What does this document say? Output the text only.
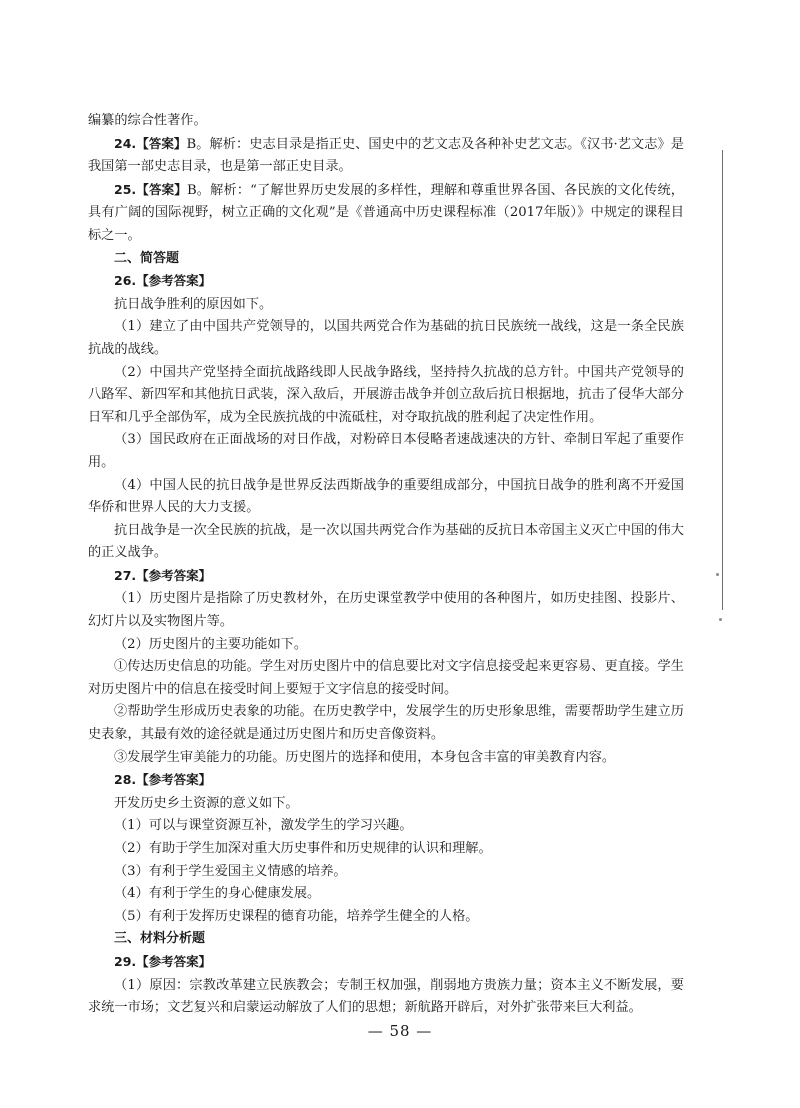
编纂的综合性著作。

24.【答案】B。解析：史志目录是指正史、国史中的艺文志及各种补史艺文志。《汉书·艺文志》是我国第一部史志目录，也是第一部正史目录。

25.【答案】B。解析：“了解世界历史发展的多样性，理解和尊重世界各国、各民族的文化传统，具有广阔的国际视野，树立正确的文化观”是《普通高中历史课程标准（2017年版）》中规定的课程目标之一。

二、简答题

26.【参考答案】

抗日战争胜利的原因如下。

（1）建立了由中国共产党领导的，以国共两党合作为基础的抗日民族统一战线，这是一条全民族抗战的战线。

（2）中国共产党坚持全面抗战路线即人民战争路线，坚持持久抗战的总方针。中国共产党领导的八路军、新四军和其他抗日武装，深入敌后，开展游击战争并创立敌后抗日根据地，抗击了侵华大部分日军和几乎全部伪军，成为全民族抗战的中流砥柱，对夺取抗战的胜利起了决定性作用。

（3）国民政府在正面战场的对日作战，对粉碎日本侵略者速战速决的方针、牵制日军起了重要作用。

（4）中国人民的抗日战争是世界反法西斯战争的重要组成部分，中国抗日战争的胜利离不开爱国华侨和世界人民的大力支援。

抗日战争是一次全民族的抗战，是一次以国共两党合作为基础的反抗日本帝国主义灭亡中国的伟大的正义战争。

27.【参考答案】

（1）历史图片是指除了历史教材外，在历史课堂教学中使用的各种图片，如历史挂图、投影片、幻灯片以及实物图片等。

（2）历史图片的主要功能如下。

①传达历史信息的功能。学生对历史图片中的信息要比对文字信息接受起来更容易、更直接。学生对历史图片中的信息在接受时间上要短于文字信息的接受时间。

②帮助学生形成历史表象的功能。在历史教学中，发展学生的历史形象思维，需要帮助学生建立历史表象，其最有效的途径就是通过历史图片和历史音像资料。

③发展学生审美能力的功能。历史图片的选择和使用，本身包含丰富的审美教育内容。

28.【参考答案】

开发历史乡土资源的意义如下。

（1）可以与课堂资源互补，激发学生的学习兴趣。

（2）有助于学生加深对重大历史事件和历史规律的认识和理解。

（3）有利于学生爱国主义情感的培养。

（4）有利于学生的身心健康发展。

（5）有利于发挥历史课程的德育功能，培养学生健全的人格。

三、材料分析题

29.【参考答案】

（1）原因：宗教改革建立民族教会；专制王权加强，削弱地方贵族力量；资本主义不断发展，要求统一市场；文艺复兴和启蒙运动解放了人们的思想；新航路开辟后，对外扩张带来巨大利益。

— 58 —
